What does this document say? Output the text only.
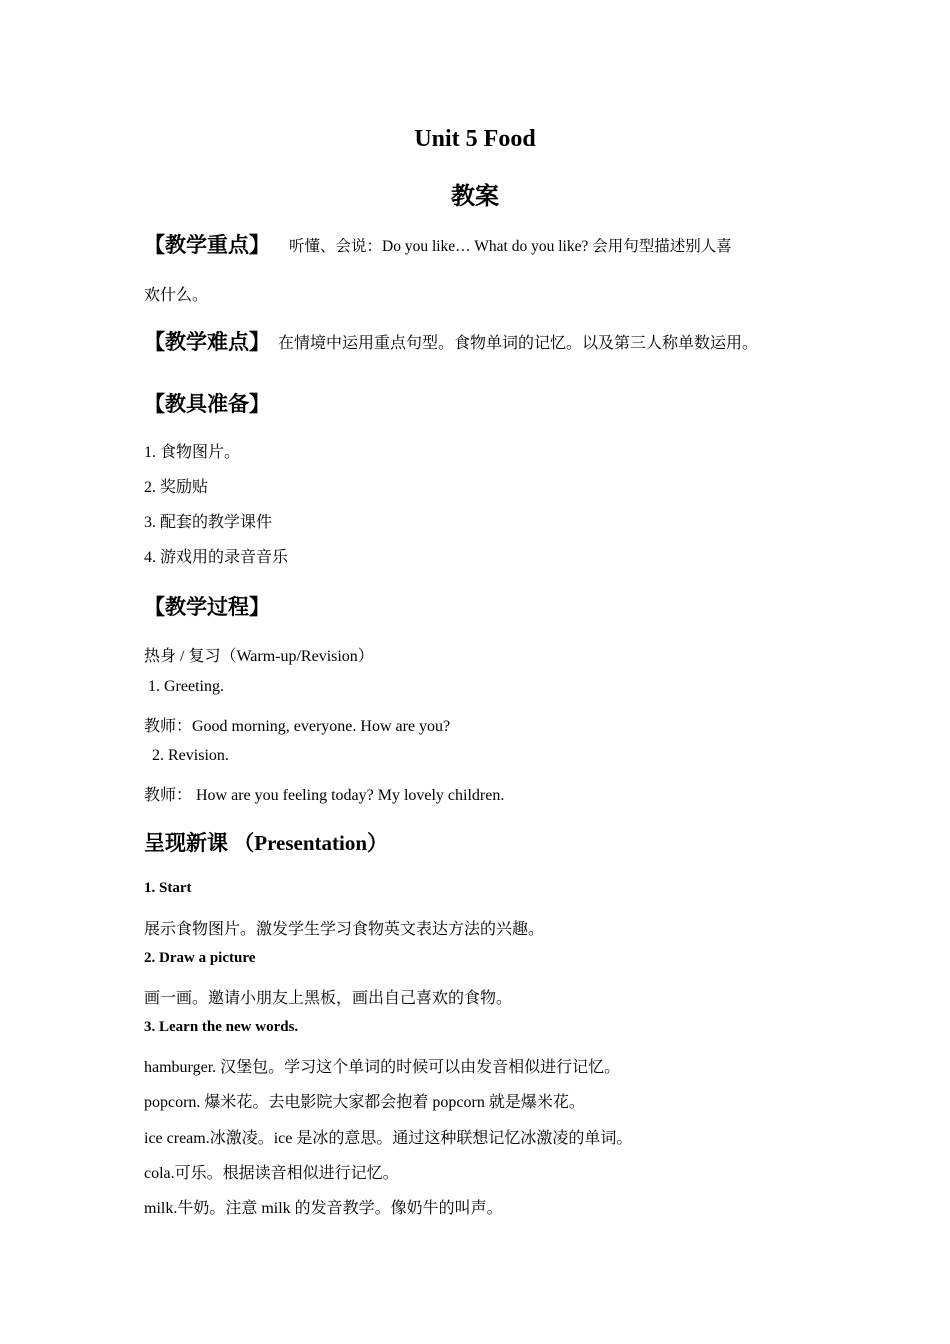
Unit 5 Food
教案
【教学重点】 听懂、会说：Do you like… What do you like? 会用句型描述别人喜
欢什么。
【教学难点】 在情境中运用重点句型。食物单词的记忆。以及第三人称单数运用。
【教具准备】
1. 食物图片。
2. 奖励贴
3. 配套的教学课件
4. 游戏用的录音音乐
【教学过程】
热身 / 复习（Warm-up/Revision）
1. Greeting.
教师：Good morning, everyone. How are you?
2. Revision.
教师： How are you feeling today? My lovely children.
呈现新课 （Presentation）
1. Start
展示食物图片。激发学生学习食物英文表达方法的兴趣。
2. Draw a picture
画一画。邀请小朋友上黑板，画出自己喜欢的食物。
3. Learn the new words.
hamburger. 汉堡包。学习这个单词的时候可以由发音相似进行记忆。
popcorn. 爆米花。去电影院大家都会抱着 popcorn 就是爆米花。
ice cream.冰激凌。ice 是冰的意思。通过这种联想记忆冰激凌的单词。
cola.可乐。根据读音相似进行记忆。
milk.牛奶。注意 milk 的发音教学。像奶牛的叫声。
